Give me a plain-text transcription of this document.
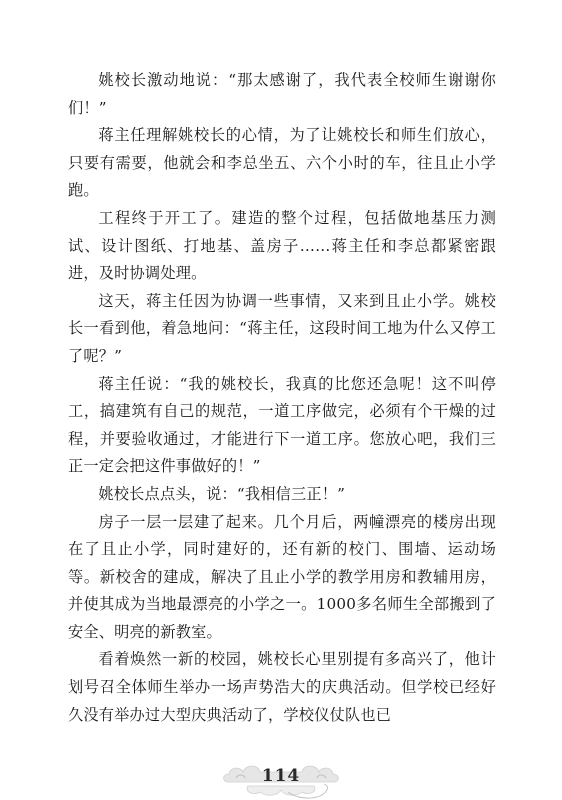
姚校长激动地说：“那太感谢了，我代表全校师生谢谢你们！”

蒋主任理解姚校长的心情，为了让姚校长和师生们放心，只要有需要，他就会和李总坐五、六个小时的车，往且止小学跑。

工程终于开工了。建造的整个过程，包括做地基压力测试、设计图纸、打地基、盖房子……蒋主任和李总都紧密跟进，及时协调处理。

这天，蒋主任因为协调一些事情，又来到且止小学。姚校长一看到他，着急地问：“蒋主任，这段时间工地为什么又停工了呢？”

蒋主任说：“我的姚校长，我真的比您还急呢！这不叫停工，搞建筑有自己的规范，一道工序做完，必须有个干燥的过程，并要验收通过，才能进行下一道工序。您放心吧，我们三正一定会把这件事做好的！”

姚校长点点头，说：“我相信三正！”

房子一层一层建了起来。几个月后，两幢漂亮的楼房出现在了且止小学，同时建好的，还有新的校门、围墙、运动场等。新校舍的建成，解决了且止小学的教学用房和教辅用房，并使其成为当地最漂亮的小学之一。1000多名师生全部搬到了安全、明亮的新教室。

看着焕然一新的校园，姚校长心里别提有多高兴了，他计划号召全体师生举办一场声势浩大的庆典活动。但学校已经好久没有举办过大型庆典活动了，学校仪仗队也已

114
